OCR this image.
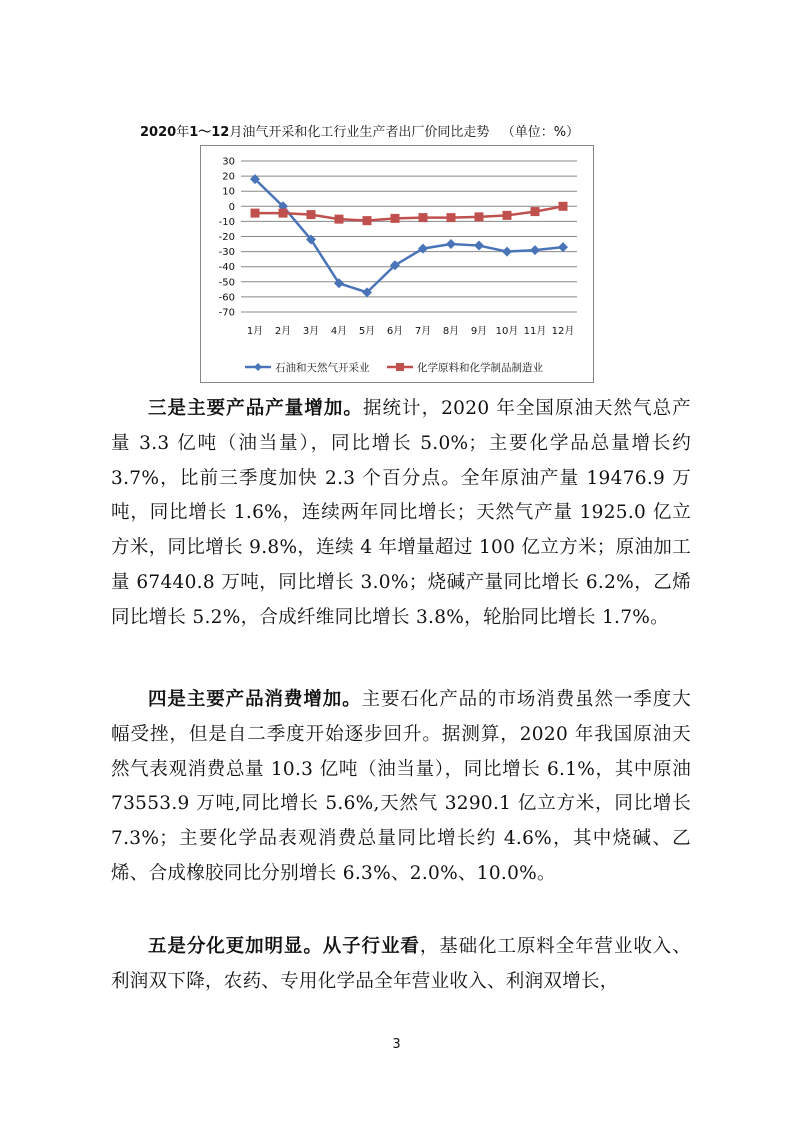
2020年1～12月油气开采和化工行业生产者出厂价同比走势 （单位：%）
30
20
10
0
-10
-20
-30
-40
-50
-60
-70
1月 2月 3月 4月 5月 6月 7月 8月 9月 10月 11月 12月
石油和天然气开采业	化学原料和化学制品制造业
三是主要产品产量增加。据统计，2020 年全国原油天然气总产量 3.3 亿吨（油当量），同比增长 5.0%；主要化学品总量增长约 3.7%，比前三季度加快 2.3 个百分点。全年原油产量 19476.9 万吨，同比增长 1.6%，连续两年同比增长；天然气产量 1925.0 亿立方米，同比增长 9.8%，连续 4 年增量超过 100 亿立方米；原油加工量 67440.8 万吨，同比增长 3.0%；烧碱产量同比增长 6.2%，乙烯同比增长 5.2%，合成纤维同比增长 3.8%，轮胎同比增长 1.7%。
四是主要产品消费增加。主要石化产品的市场消费虽然一季度大幅受挫，但是自二季度开始逐步回升。据测算，2020 年我国原油天然气表观消费总量 10.3 亿吨（油当量），同比增长 6.1%，其中原油 73553.9 万吨,同比增长 5.6%,天然气 3290.1 亿立方米，同比增长 7.3%；主要化学品表观消费总量同比增长约 4.6%，其中烧碱、乙烯、合成橡胶同比分别增长 6.3%、2.0%、10.0%。
五是分化更加明显。从子行业看，基础化工原料全年营业收入、利润双下降，农药、专用化学品全年营业收入、利润双增长，
3
